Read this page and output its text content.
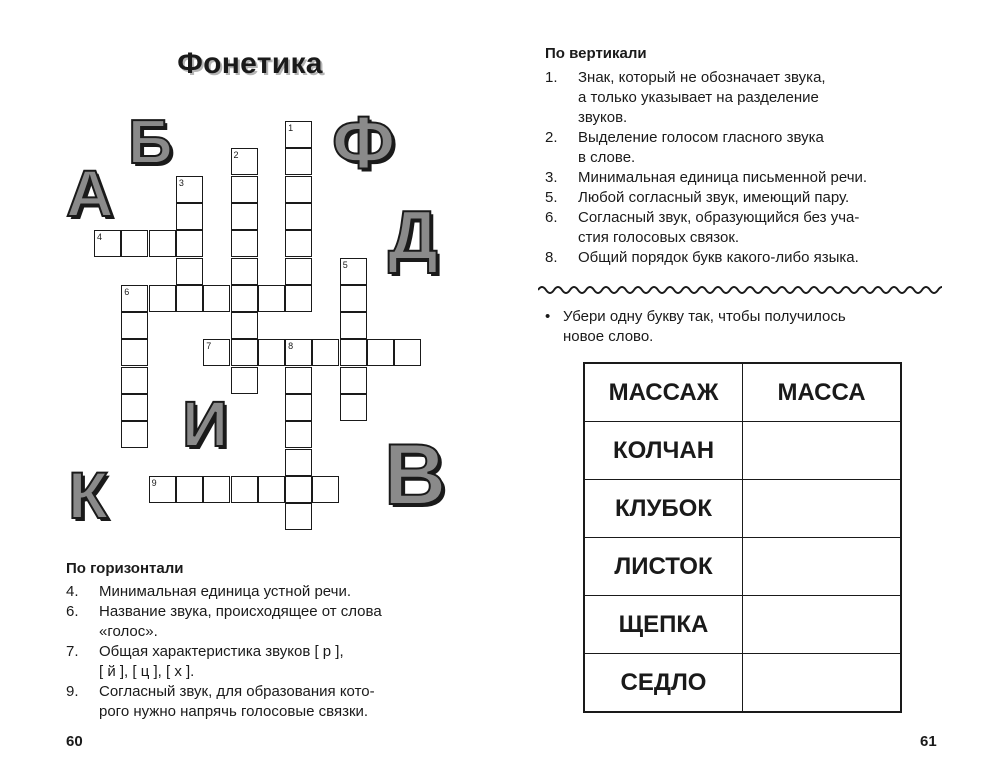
Фонетика
А
Б Ф
Д
И
К	В
1
2
3
4
5
6
7	8
9
По горизонтали
4. Минимальная единица устной речи.
6. Название звука, происходящее от слова
«голос».
7. Общая характеристика звуков [ р ],
[ й ], [ ц ], [ х ].
9. Согласный звук, для образования кото-
рого нужно напрячь голосовые связки.
60
По вертикали
1. Знак, который не обозначает звука,
а только указывает на разделение
звуков.
2. Выделение голосом гласного звука
в слове.
3. Минимальная единица письменной речи.
5. Любой согласный звук, имеющий пару.
6. Согласный звук, образующийся без уча-
стия голосовых связок.
8. Общий порядок букв какого-либо языка.
• Убери одну букву так, чтобы получилось
новое слово.
МАССАЖ	МАССА
КОЛЧАН	
КЛУБОК	
ЛИСТОК	
ЩЕПКА	
СЕДЛО	
61
